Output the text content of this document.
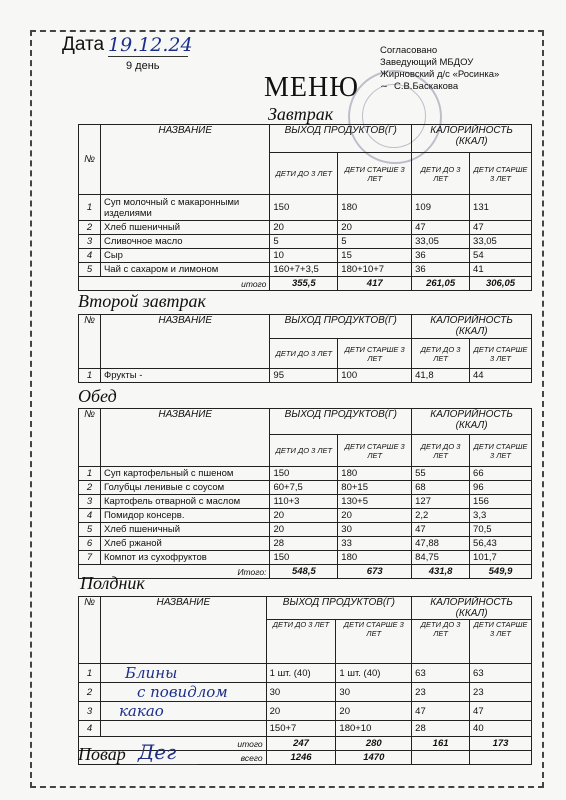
Дата 19.12.24
9 день
МЕНЮ
Согласовано
Заведующий МБДОУ
Жирновский д/с «Росинка»
~ С.В.Баскакова
Завтрак
№	НАЗВАНИЕ	ВЫХОД ПРОДУКТОВ(Г)		КАЛОРИЙНОСТЬ (ККАЛ)	
		ДЕТИ ДО 3 ЛЕТ	ДЕТИ СТАРШЕ 3 ЛЕТ	ДЕТИ ДО 3 ЛЕТ	ДЕТИ СТАРШЕ 3 ЛЕТ
1	Суп молочный с макаронными изделиями	150	180	109	131
2	Хлеб пшеничный	20	20	47	47
3	Сливочное масло	5	5	33,05	33,05
4	Сыр	10	15	36	54
5	Чай с сахаром и лимоном	160+7+3,5	180+10+7	36	41
итого		355,5	417	261,05	306,05
Второй завтрак
№	НАЗВАНИЕ	ВЫХОД ПРОДУКТОВ(Г)		КАЛОРИЙНОСТЬ (ККАЛ)	
		ДЕТИ ДО 3 ЛЕТ	ДЕТИ СТАРШЕ 3 ЛЕТ	ДЕТИ ДО 3 ЛЕТ	ДЕТИ СТАРШЕ 3 ЛЕТ
1	Фрукты -	95	100	41,8	44
Обед
№	НАЗВАНИЕ	ВЫХОД ПРОДУКТОВ(Г)		КАЛОРИЙНОСТЬ (ККАЛ)	
		ДЕТИ ДО 3 ЛЕТ	ДЕТИ СТАРШЕ 3 ЛЕТ	ДЕТИ ДО 3 ЛЕТ	ДЕТИ СТАРШЕ 3 ЛЕТ
1	Суп картофельный с пшеном	150	180	55	66
2	Голубцы ленивые с соусом	60+7,5	80+15	68	96
3	Картофель отварной с маслом	110+3	130+5	127	156
4	Помидор консерв.	20	20	2,2	3,3
5	Хлеб пшеничный	20	30	47	70,5
6	Хлеб ржаной	28	33	47,88	56,43
7	Компот из сухофруктов	150	180	84,75	101,7
Итого:		548,5	673	431,8	549,9
Полдник
№	НАЗВАНИЕ	ВЫХОД ПРОДУКТОВ(Г)		КАЛОРИЙНОСТЬ (ККАЛ)	
		ДЕТИ ДО 3 ЛЕТ	ДЕТИ СТАРШЕ 3 ЛЕТ	ДЕТИ ДО 3 ЛЕТ	ДЕТИ СТАРШЕ 3 ЛЕТ
1	Блины	1 шт. (40)	1 шт. (40)	63	63
2	с повидлом	30	30	23	23
3	какао	20	20	47	47
4		150+7	180+10	28	40
итого		247	280	161	173
всего		1246	1470		
Повар Дег
